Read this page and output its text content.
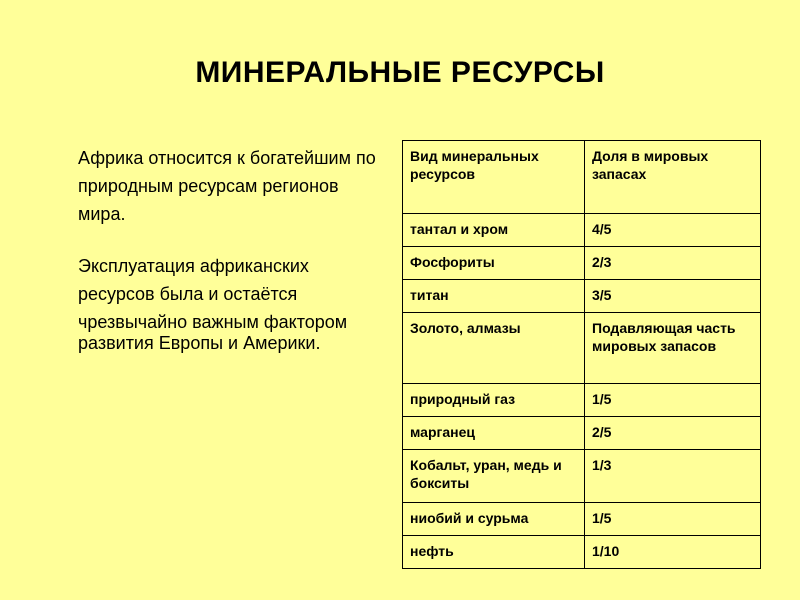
МИНЕРАЛЬНЫЕ РЕСУРСЫ

Африка относится к богатейшим по

природным ресурсам регионов

мира.

Эксплуатация африканских

ресурсов была и остаётся

чрезвычайно важным фактором развития Европы и Америки.

Вид минеральных ресурсов	Доля в мировых запасах
тантал и хром	4/5
Фосфориты	2/3
титан	3/5
Золото, алмазы	Подавляющая часть мировых запасов
природный газ	1/5
марганец	2/5
Кобальт, уран, медь и бокситы	1/3
ниобий и сурьма	1/5
нефть	1/10
